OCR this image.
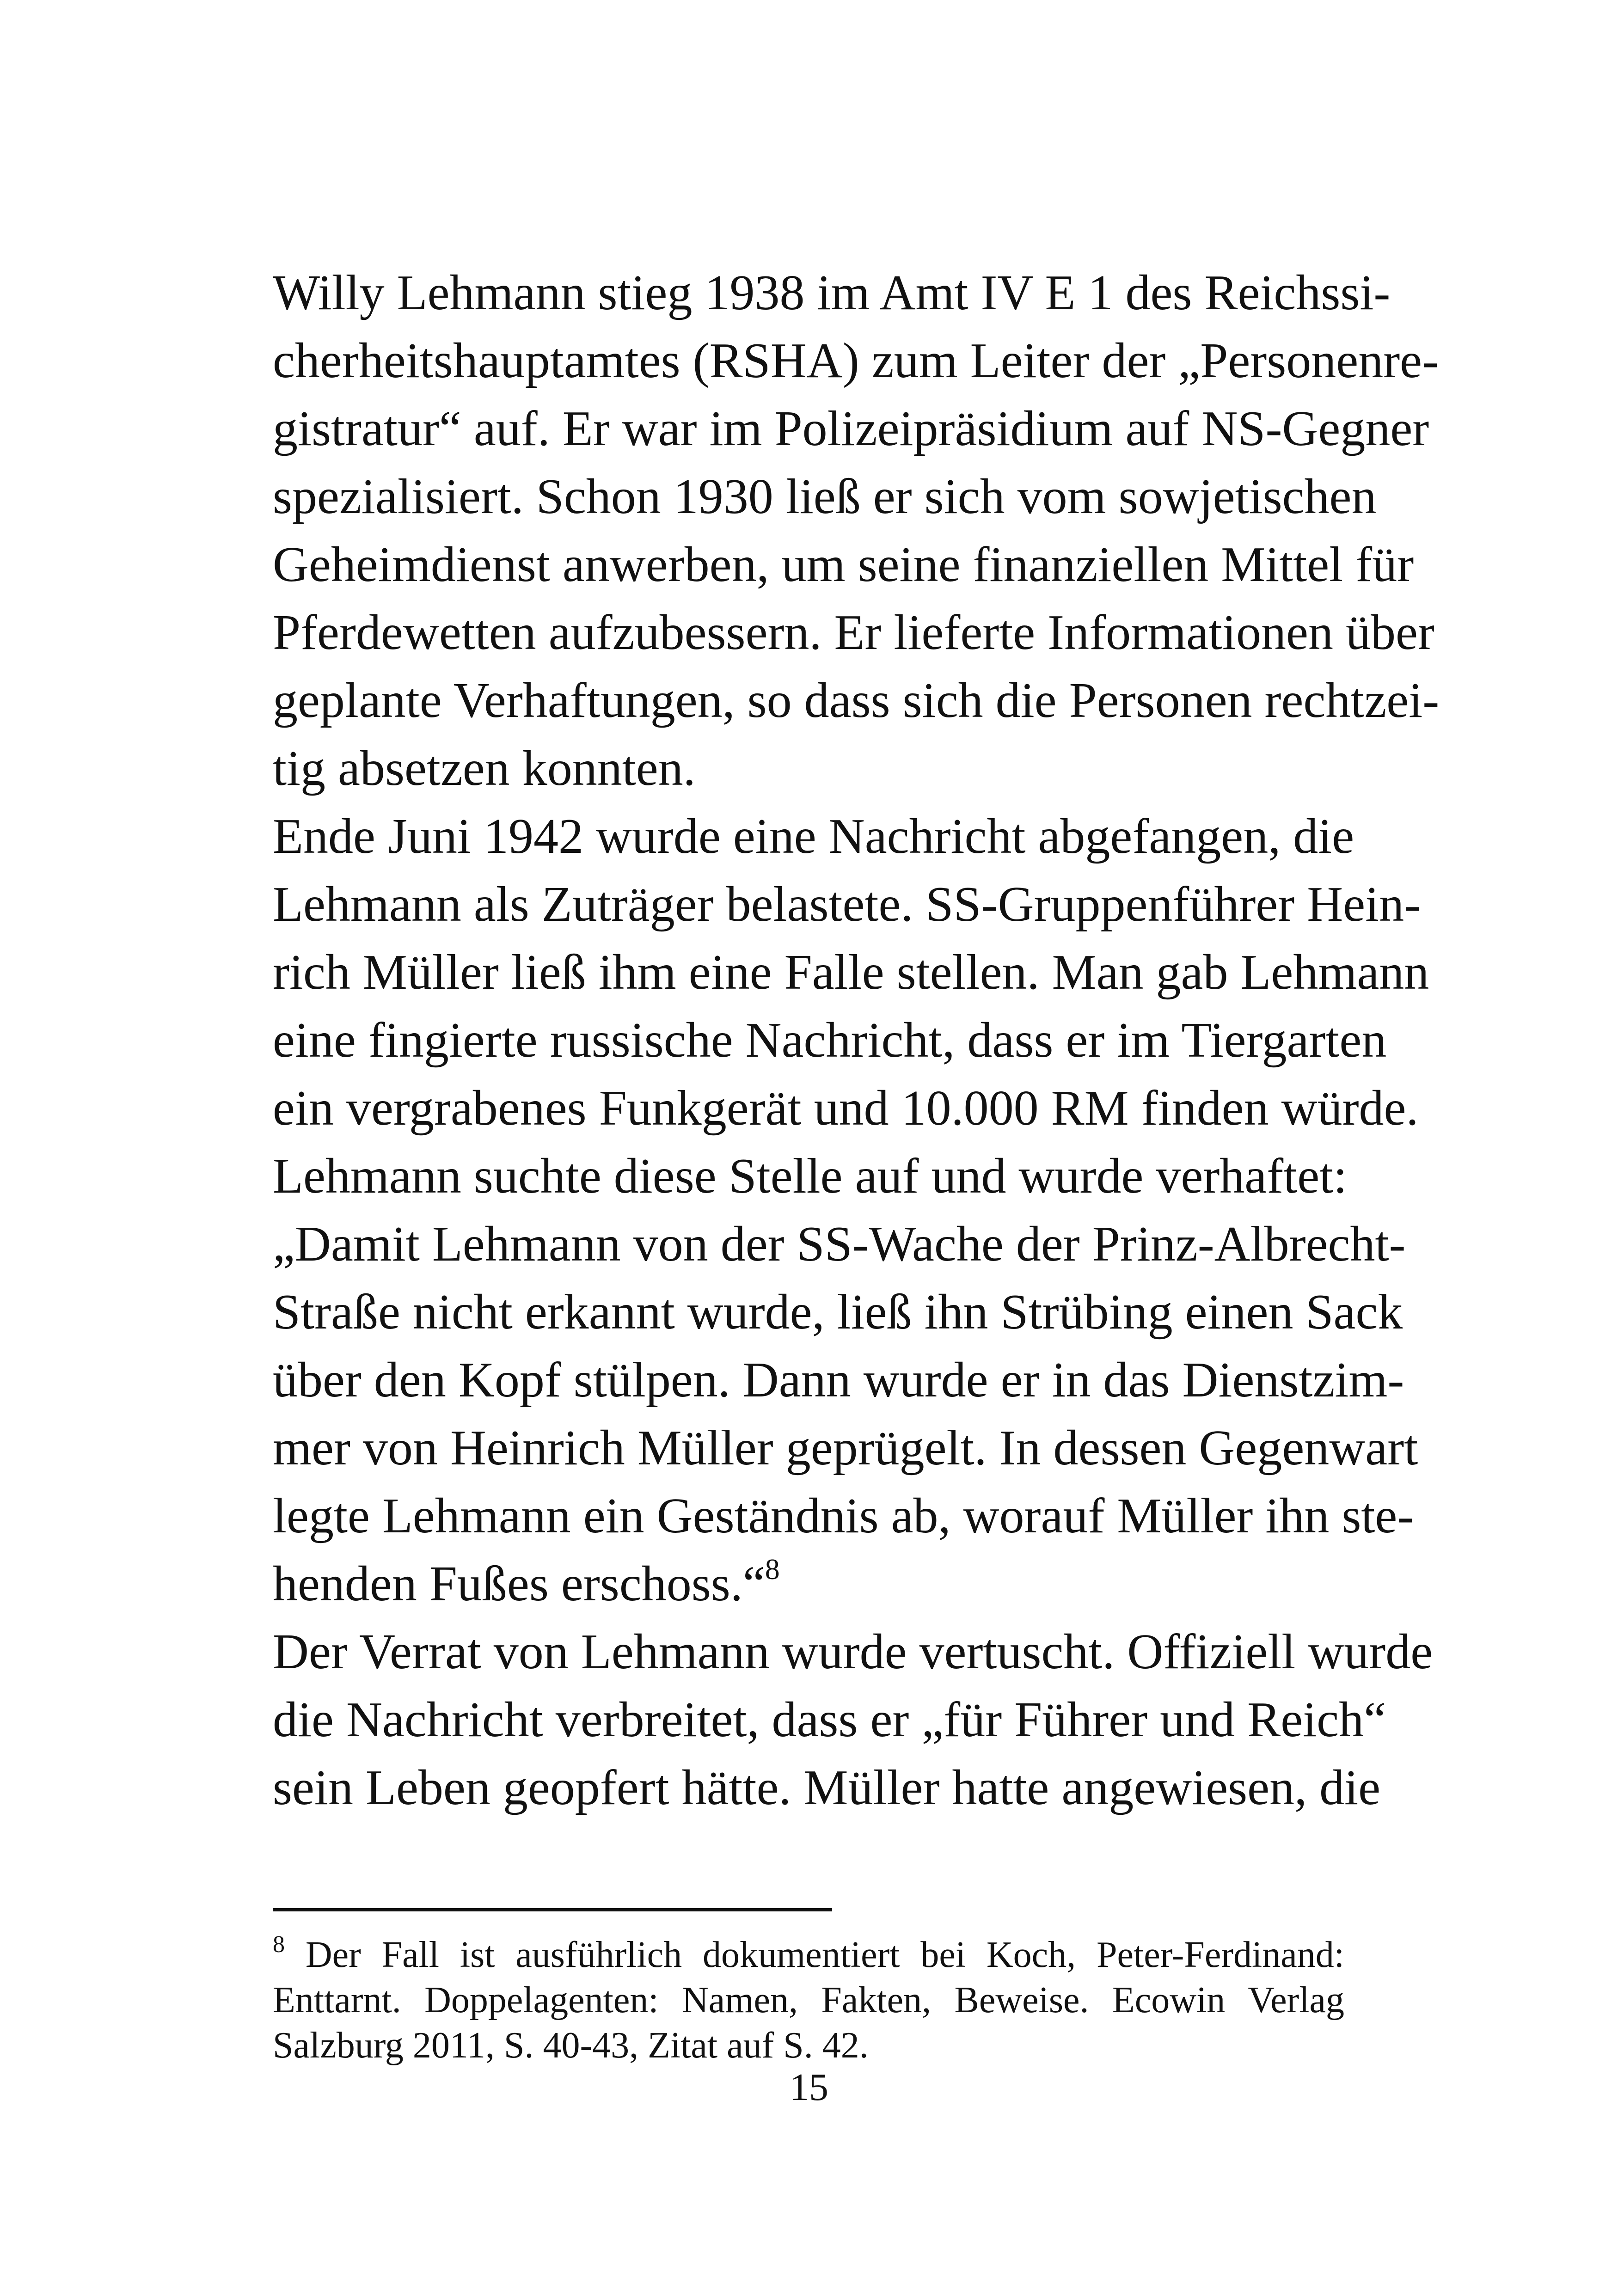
Willy Lehmann stieg 1938 im Amt IV E 1 des Reichssi-
cherheitshauptamtes (RSHA) zum Leiter der „Personenre-
gistratur“ auf. Er war im Polizeipräsidium auf NS-Gegner
spezialisiert. Schon 1930 ließ er sich vom sowjetischen
Geheimdienst anwerben, um seine finanziellen Mittel für
Pferdewetten aufzubessern. Er lieferte Informationen über
geplante Verhaftungen, so dass sich die Personen rechtzei-
tig absetzen konnten.
Ende Juni 1942 wurde eine Nachricht abgefangen, die
Lehmann als Zuträger belastete. SS-Gruppenführer Hein-
rich Müller ließ ihm eine Falle stellen. Man gab Lehmann
eine fingierte russische Nachricht, dass er im Tiergarten
ein vergrabenes Funkgerät und 10.000 RM finden würde.
Lehmann suchte diese Stelle auf und wurde verhaftet:
„Damit Lehmann von der SS-Wache der Prinz-Albrecht-
Straße nicht erkannt wurde, ließ ihn Strübing einen Sack
über den Kopf stülpen. Dann wurde er in das Dienstzim-
mer von Heinrich Müller geprügelt. In dessen Gegenwart
legte Lehmann ein Geständnis ab, worauf Müller ihn ste-
henden Fußes erschoss.“$^8$
Der Verrat von Lehmann wurde vertuscht. Offiziell wurde
die Nachricht verbreitet, dass er „für Führer und Reich“
sein Leben geopfert hätte. Müller hatte angewiesen, die
$^8$ Der Fall ist ausführlich dokumentiert bei Koch, Peter-Ferdinand:
Enttarnt. Doppelagenten: Namen, Fakten, Beweise. Ecowin Verlag
Salzburg 2011, S. 40-43, Zitat auf S. 42.
15
